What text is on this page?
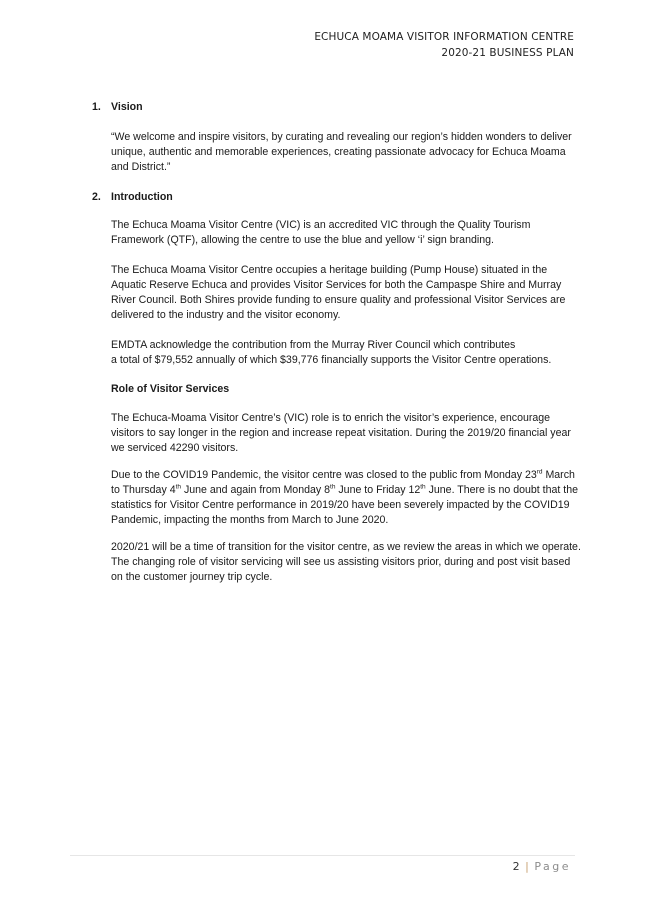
ECHUCA MOAMA VISITOR INFORMATION CENTRE
2020-21 BUSINESS PLAN
1. Vision

“We welcome and inspire visitors, by curating and revealing our region’s hidden wonders to deliver unique, authentic and memorable experiences, creating passionate advocacy for Echuca Moama and District.”

2. Introduction

The Echuca Moama Visitor Centre (VIC) is an accredited VIC through the Quality Tourism Framework (QTF), allowing the centre to use the blue and yellow ‘i’ sign branding.

The Echuca Moama Visitor Centre occupies a heritage building (Pump House) situated in the Aquatic Reserve Echuca and provides Visitor Services for both the Campaspe Shire and Murray River Council. Both Shires provide funding to ensure quality and professional Visitor Services are delivered to the industry and the visitor economy.

EMDTA acknowledge the contribution from the Murray River Council which contributes
a total of $79,552 annually of which $39,776 financially supports the Visitor Centre operations.

Role of Visitor Services

The Echuca-Moama Visitor Centre’s (VIC) role is to enrich the visitor’s experience, encourage visitors to say longer in the region and increase repeat visitation. During the 2019/20 financial year we serviced 42290 visitors.

Due to the COVID19 Pandemic, the visitor centre was closed to the public from Monday 23rd March to Thursday 4th June and again from Monday 8th June to Friday 12th June. There is no doubt that the statistics for Visitor Centre performance in 2019/20 have been severely impacted by the COVID19 Pandemic, impacting the months from March to June 2020.

2020/21 will be a time of transition for the visitor centre, as we review the areas in which we operate. The changing role of visitor servicing will see us assisting visitors prior, during and post visit based on the customer journey trip cycle.

2 | Page
